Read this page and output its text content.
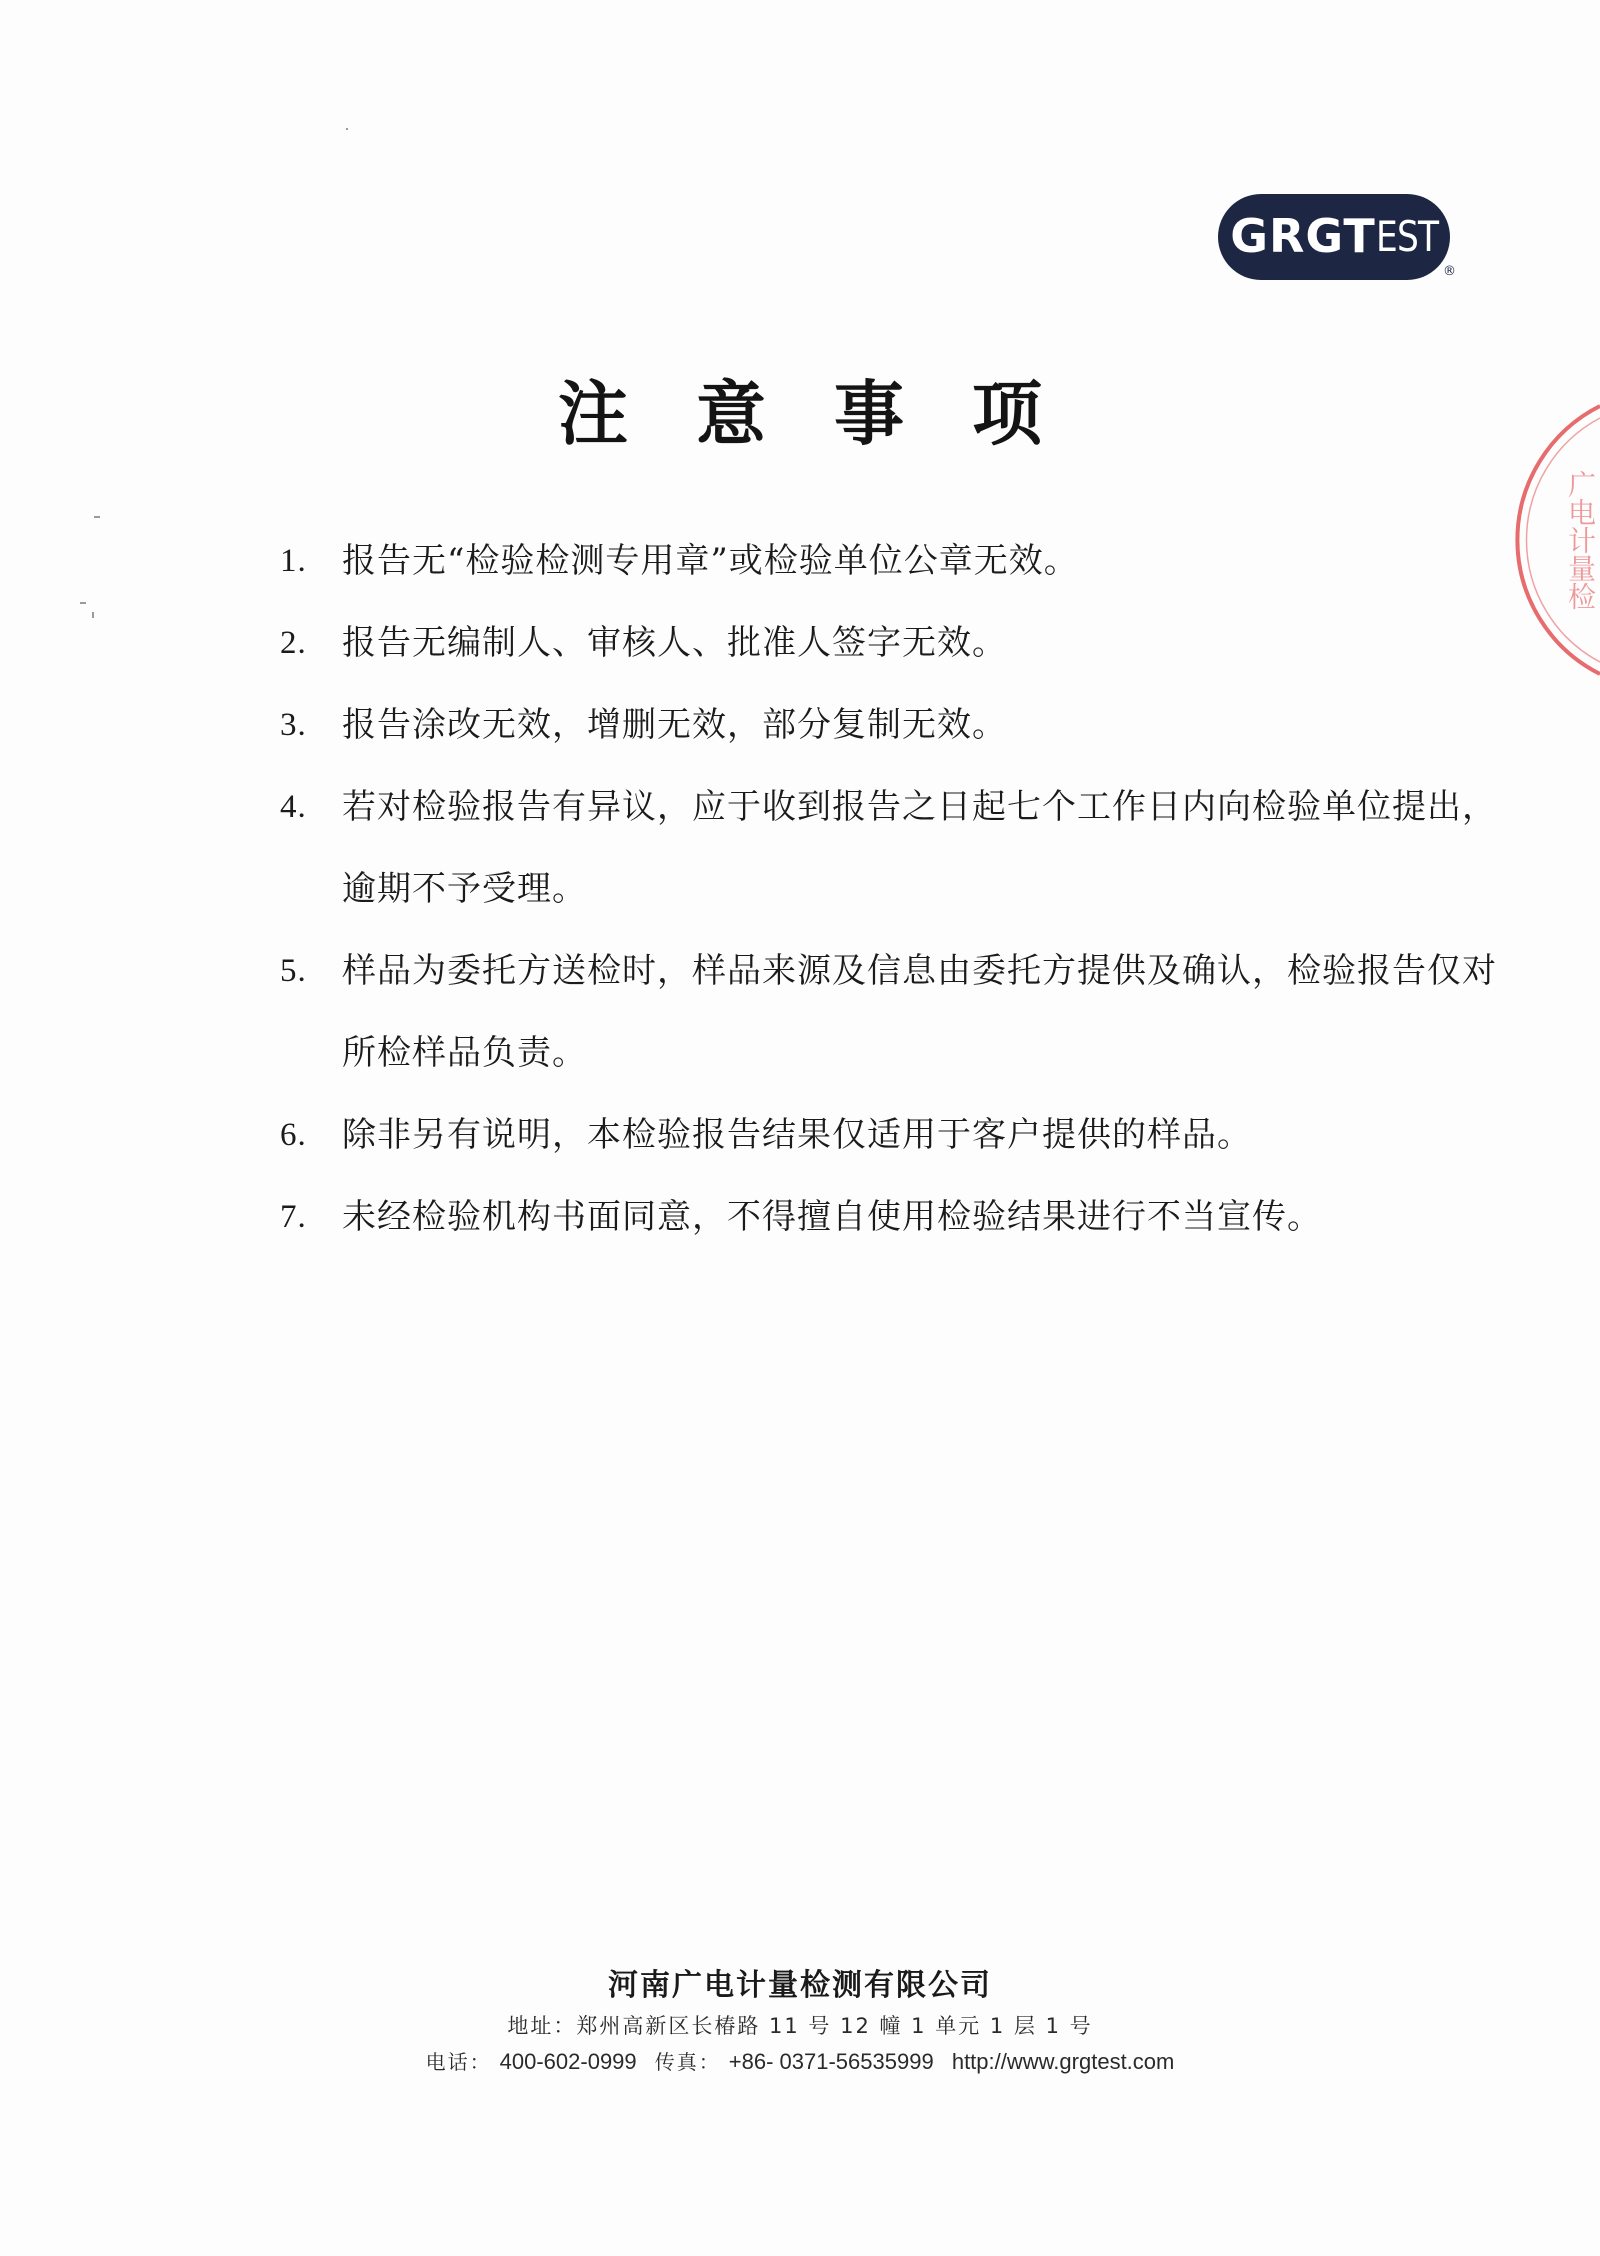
GRGT EST
®
注意事项
1.	报告无“检验检测专用章”或检验单位公章无效。
2.	报告无编制人、审核人、批准人签字无效。
3.	报告涂改无效，增删无效，部分复制无效。
4.	若对检验报告有异议，应于收到报告之日起七个工作日内向检验单位提出，逾期不予受理。
5.	样品为委托方送检时，样品来源及信息由委托方提供及确认，检验报告仅对所检样品负责。
6.	除非另有说明，本检验报告结果仅适用于客户提供的样品。
7.	未经检验机构书面同意，不得擅自使用检验结果进行不当宣传。
河南广电计量检测有限公司
地址：郑州高新区长椿路 11 号 12 幢 1 单元 1 层 1 号
电话： 400-602-0999 传真： +86- 0371-56535999 http://www.grgtest.com
广电计量检
